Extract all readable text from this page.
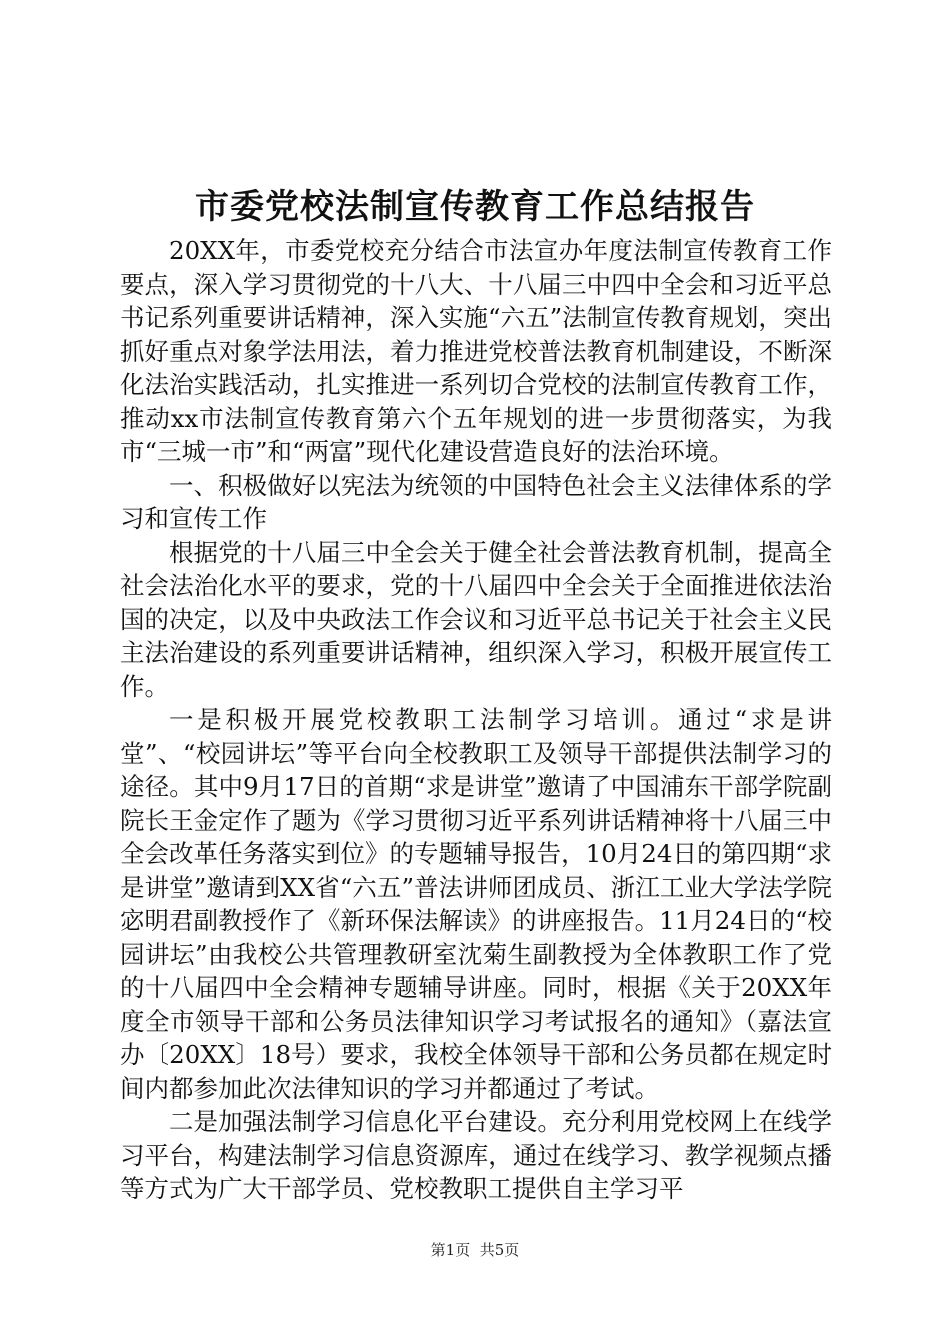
市委党校法制宣传教育工作总结报告

20XX年，市委党校充分结合市法宣办年度法制宣传教育工作要点，深入学习贯彻党的十八大、十八届三中四中全会和习近平总书记系列重要讲话精神，深入实施“六五”法制宣传教育规划，突出抓好重点对象学法用法，着力推进党校普法教育机制建设，不断深化法治实践活动，扎实推进一系列切合党校的法制宣传教育工作，推动xx市法制宣传教育第六个五年规划的进一步贯彻落实，为我市“三城一市”和“两富”现代化建设营造良好的法治环境。

一、积极做好以宪法为统领的中国特色社会主义法律体系的学习和宣传工作

根据党的十八届三中全会关于健全社会普法教育机制，提高全社会法治化水平的要求，党的十八届四中全会关于全面推进依法治国的决定，以及中央政法工作会议和习近平总书记关于社会主义民主法治建设的系列重要讲话精神，组织深入学习，积极开展宣传工作。

一是积极开展党校教职工法制学习培训。通过“求是讲堂”、“校园讲坛”等平台向全校教职工及领导干部提供法制学习的途径。其中9月17日的首期“求是讲堂”邀请了中国浦东干部学院副院长王金定作了题为《学习贯彻习近平系列讲话精神将十八届三中全会改革任务落实到位》的专题辅导报告，10月24日的第四期“求是讲堂”邀请到XX省“六五”普法讲师团成员、浙江工业大学法学院宓明君副教授作了《新环保法解读》的讲座报告。11月24日的“校园讲坛”由我校公共管理教研室沈菊生副教授为全体教职工作了党的十八届四中全会精神专题辅导讲座。同时，根据《关于20XX年度全市领导干部和公务员法律知识学习考试报名的通知》（嘉法宣办〔20XX〕18号）要求，我校全体领导干部和公务员都在规定时间内都参加此次法律知识的学习并都通过了考试。

二是加强法制学习信息化平台建设。充分利用党校网上在线学习平台，构建法制学习信息资源库，通过在线学习、教学视频点播等方式为广大干部学员、党校教职工提供自主学习平

第1页 共5页
